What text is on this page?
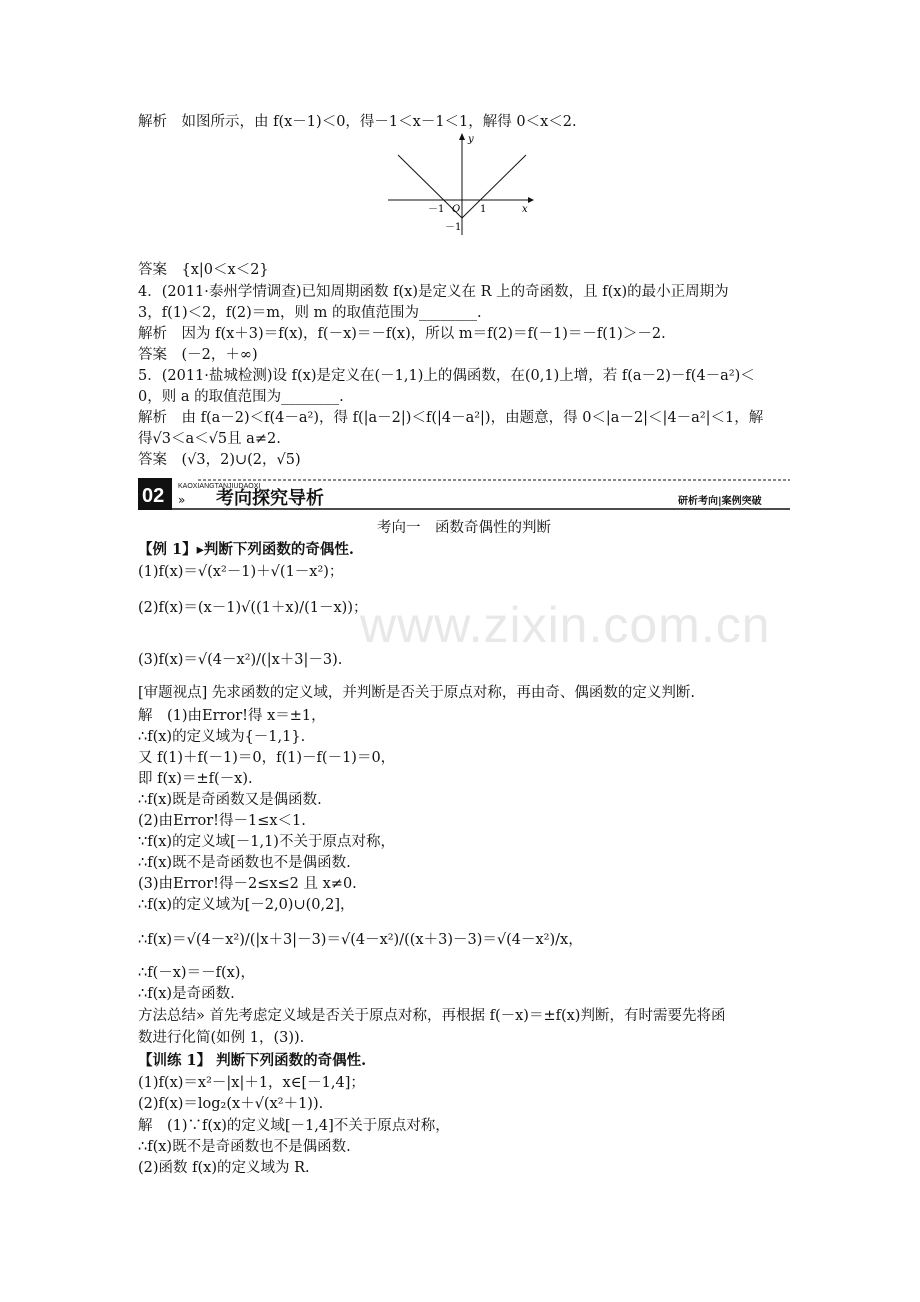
www.zixin.com.cn
解析　如图所示，由 f(x－1)＜0，得－1＜x－1＜1，解得 0＜x＜2.
y
x
O
－1	1
－1
答案　{x|0＜x＜2}
4．(2011·泰州学情调查)已知周期函数 f(x)是定义在 R 上的奇函数，且 f(x)的最小正周期为
3，f(1)＜2，f(2)＝m，则 m 的取值范围为________.
解析　因为 f(x＋3)＝f(x)，f(－x)＝－f(x)，所以 m＝f(2)＝f(－1)＝－f(1)＞－2.
答案　(－2，＋∞)
5．(2011·盐城检测)设 f(x)是定义在(－1,1)上的偶函数，在(0,1)上增，若 f(a－2)－f(4－a²)＜
0，则 a 的取值范围为________.
解析　由 f(a－2)＜f(4－a²)，得 f(|a－2|)＜f(|4－a²|)，由题意，得 0＜|a－2|＜|4－a²|＜1，解
得√3＜a＜√5且 a≠2.
答案　(√3，2)∪(2，√5)
02 KAOXIANGTANJIUDAOXI
» 考向探究导析	研析考向|案例突破
考向一　函数奇偶性的判断
【例 1】▸判断下列函数的奇偶性.
(1)f(x)＝√(x²－1)＋√(1－x²)；
(2)f(x)＝(x－1)√((1＋x)/(1－x))；
(3)f(x)＝√(4－x²)/(|x＋3|－3).
[审题视点] 先求函数的定义域，并判断是否关于原点对称，再由奇、偶函数的定义判断.
解　(1)由Error!得 x＝±1，
∴f(x)的定义域为{－1,1}.
又 f(1)＋f(－1)＝0，f(1)－f(－1)＝0，
即 f(x)＝±f(－x).
∴f(x)既是奇函数又是偶函数.
(2)由Error!得－1≤x＜1.
∵f(x)的定义域[－1,1)不关于原点对称，
∴f(x)既不是奇函数也不是偶函数.
(3)由Error!得－2≤x≤2 且 x≠0.
∴f(x)的定义域为[－2,0)∪(0,2]，
∴f(x)＝√(4－x²)/(|x＋3|－3)＝√(4－x²)/((x＋3)－3)＝√(4－x²)/x，
∴f(－x)＝－f(x)，
∴f(x)是奇函数.
方法总结» 首先考虑定义域是否关于原点对称，再根据 f(－x)＝±f(x)判断，有时需要先将函
数进行化简(如例 1，(3)).
【训练 1】 判断下列函数的奇偶性.
(1)f(x)＝x²－|x|＋1，x∈[－1,4]；
(2)f(x)＝log₂(x＋√(x²＋1)).
解　(1)∵f(x)的定义域[－1,4]不关于原点对称，
∴f(x)既不是奇函数也不是偶函数.
(2)函数 f(x)的定义域为 R.
